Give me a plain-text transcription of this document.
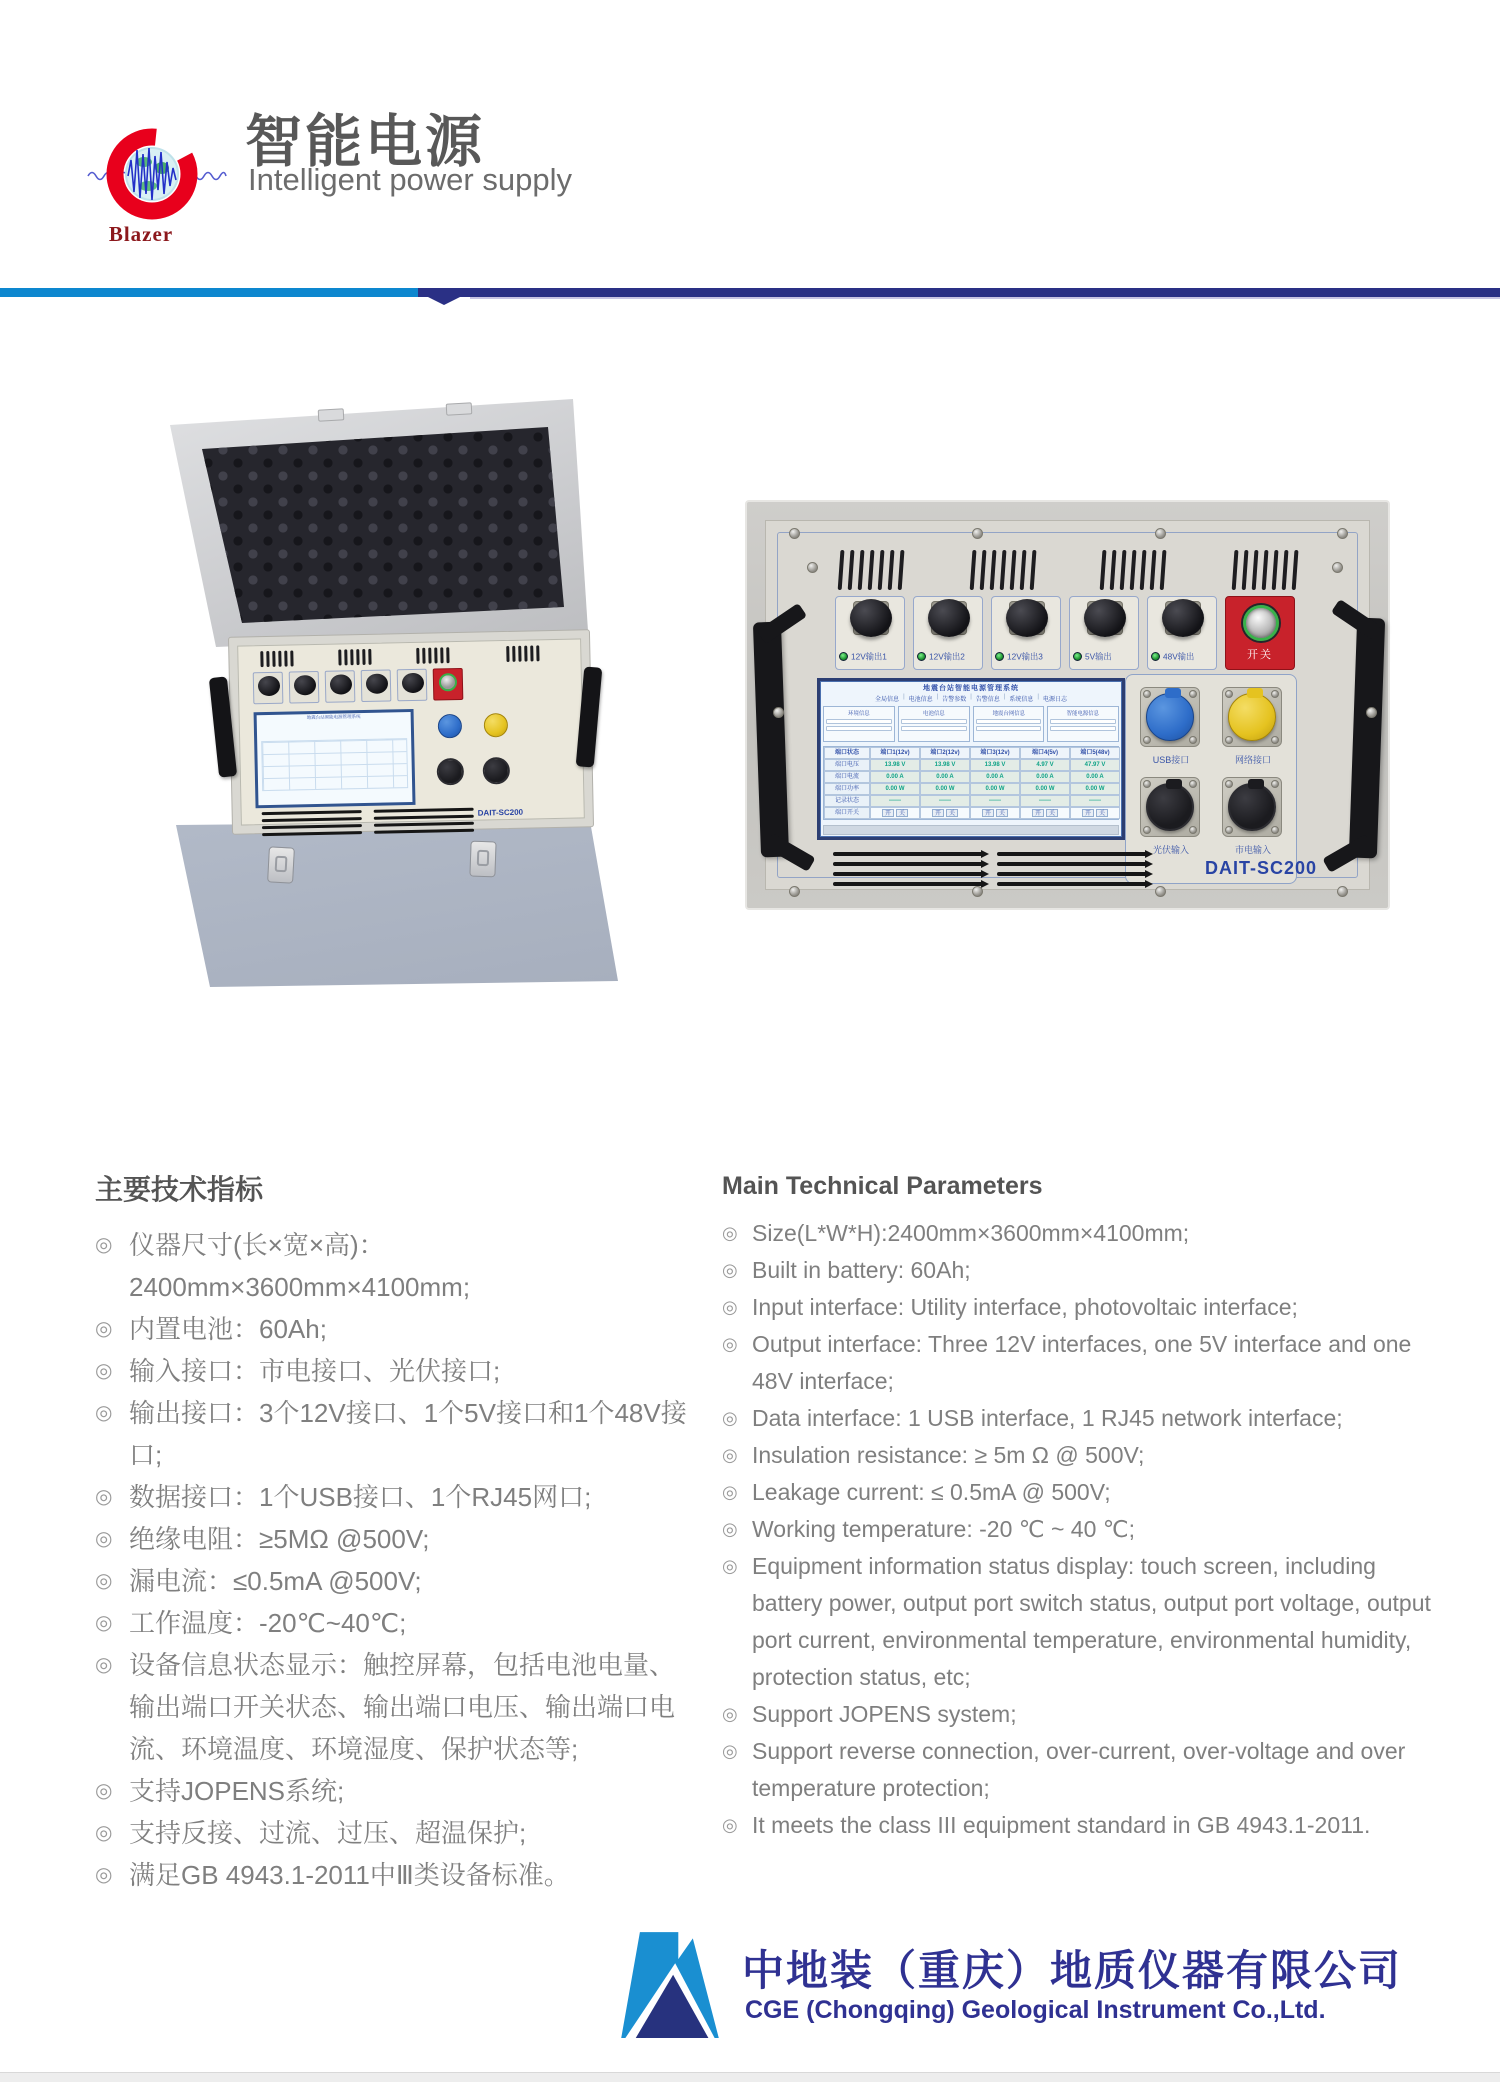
Blazer
智能电源
Intelligent power supply
地震台站智能电源管理系统
DAIT-SC200
12V输出1	12V输出2	12V输出3	5V输出	48V输出	开关
地震台站智能电源管理系统
全局信息 | 电池信息 | 告警参数 | 告警信息 | 系统信息 | 电源日志
环境信息	电池信息	地震台网信息	智能电源信息
端口状态	端口1(12v)	端口2(12v)	端口3(12v)	端口4(5v)	端口5(48v)
端口电压	13.98 V	13.98 V	13.98 V	4.97 V	47.97 V
端口电流	0.00 A	0.00 A	0.00 A	0.00 A	0.00 A
端口功率	0.00 W	0.00 W	0.00 W	0.00 W	0.00 W
记录状态	------	------	------	------	------
端口开关	开 关	开 关	开 关	开 关	开 关
USB接口	网络接口
光伏输入	市电输入
DAIT-SC200
主要技术指标
◎ 仪器尺寸(长×宽×高)：2400mm×3600mm×4100mm;
◎ 内置电池：60Ah;
◎ 输入接口：市电接口、光伏接口;
◎ 输出接口：3个12V接口、1个5V接口和1个48V接口;
◎ 数据接口：1个USB接口、1个RJ45网口;
◎ 绝缘电阻：≥5MΩ @500V;
◎ 漏电流：≤0.5mA @500V;
◎ 工作温度：-20℃~40℃;
◎ 设备信息状态显示：触控屏幕，包括电池电量、输出端口开关状态、输出端口电压、输出端口电流、环境温度、环境湿度、保护状态等;
◎ 支持JOPENS系统;
◎ 支持反接、过流、过压、超温保护;
◎ 满足GB 4943.1-2011中Ⅲ类设备标准。
Main Technical Parameters
◎ Size(L*W*H):2400mm×3600mm×4100mm;
◎ Built in battery: 60Ah;
◎ Input interface: Utility interface, photovoltaic interface;
◎ Output interface: Three 12V interfaces, one 5V interface and one 48V interface;
◎ Data interface: 1 USB interface, 1 RJ45 network interface;
◎ Insulation resistance: ≥ 5m Ω @ 500V;
◎ Leakage current: ≤ 0.5mA @ 500V;
◎ Working temperature: -20 ℃ ~ 40 ℃;
◎ Equipment information status display: touch screen, including battery power, output port switch status, output port voltage, output port current, environmental temperature, environmental humidity, protection status, etc;
◎ Support JOPENS system;
◎ Support reverse connection, over-current, over-voltage and over temperature protection;
◎ It meets the class III equipment standard in GB 4943.1-2011.
中地装（重庆）地质仪器有限公司
CGE (Chongqing) Geological Instrument Co.,Ltd.
